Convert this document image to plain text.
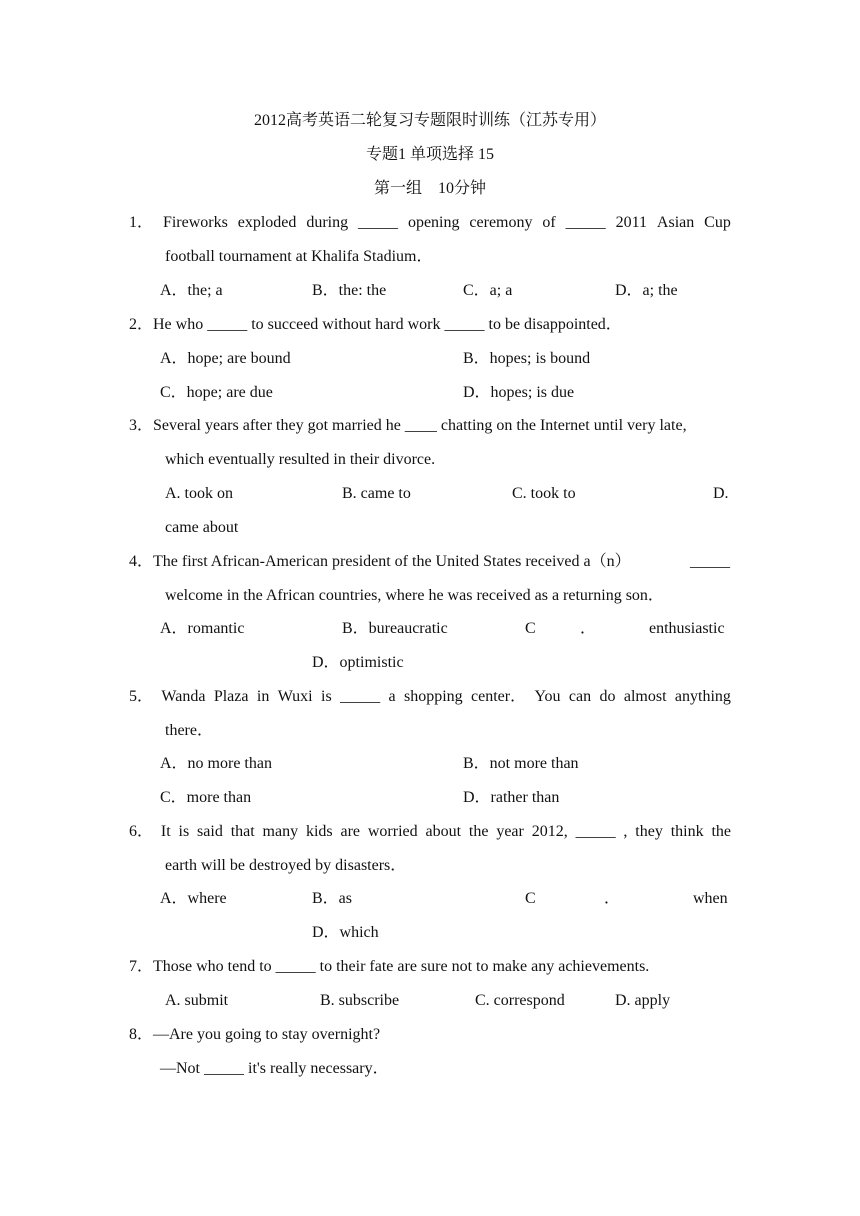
2012高考英语二轮复习专题限时训练（江苏专用）
专题1 单项选择 15
第一组　10分钟
1． Fireworks exploded during _____ opening ceremony of _____ 2011 Asian Cup
football tournament at Khalifa Stadium．
A．the; a	B．the: the	C．a; a	D．a; the
2．He who _____ to succeed without hard work _____ to be disappointed．
A．hope; are bound	B．hopes; is bound
C．hope; are due	D．hopes; is due
3．Several years after they got married he ____ chatting on the Internet until very late,
which eventually resulted in their divorce.
A. took on	B. came to	C. took to	D.
came about
4．The first African-American president of the United States received a（n）	_____
welcome in the African countries, where he was received as a returning son．
A．romantic	B．bureaucratic	C	．	enthusiastic
D．optimistic
5． Wanda Plaza in Wuxi is _____ a shopping center． You can do almost anything
there．
A．no more than	B．not more than
C．more than	D．rather than
6． It is said that many kids are worried about the year 2012, _____ , they think the
earth will be destroyed by disasters．
A．where	B．as	C	．	when
D．which
7．Those who tend to _____ to their fate are sure not to make any achievements.
A. submit	B. subscribe	C. correspond	D. apply
8．—Are you going to stay overnight?
—Not _____ it's really necessary．
